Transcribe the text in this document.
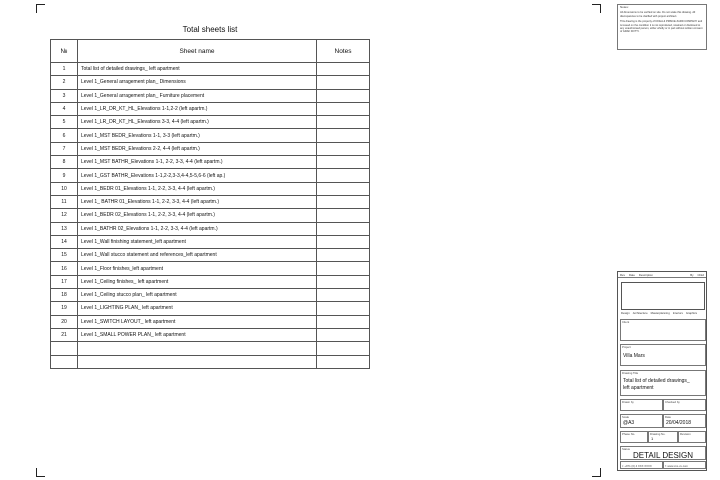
Total sheets list
№	Sheet name	Notes
1	Total list of detailed drawings_ left apartment	
2	Level 1_General arragement plan_ Dimensions	
3	Level 1_General arragement plan_ Furniture placement	
4	Level 1_LR_DR_KT_HL_Elevations 1-1,2-2 (left apartm.)	
5	Level 1_LR_DR_KT_HL_Elevations 3-3, 4-4 (left apartm.)	
6	Level 1_MST BEDR_Elevations 1-1, 3-3 (left apartm.)	
7	Level 1_MST BEDR_Elevations 2-2, 4-4 (left apartm.)	
8	Level 1_MST BATHR_Elevations 1-1, 2-2, 3-3, 4-4 (left apartm.)	
9	Level 1_GST BATHR_Elevations 1-1,2-2,3-3,4-4,5-5,6-6 (left ap.)	
10	Level 1_BEDR 01_Elevations 1-1, 2-2, 3-3, 4-4 (left apartm.)	
11	Level 1_ BATHR 01_Elevations 1-1, 2-2, 3-3, 4-4 (left apartm.)	
12	Level 1_BEDR 02_Elevations 1-1, 2-2, 3-3, 4-4 (left apartm.)	
13	Level 1_BATHR 02_Elevations 1-1, 2-2, 3-3, 4-4 (left apartm.)	
14	Level 1_Wall finishing statement_left apartment	
15	Level 1_Wall stucco statement and references_left apartment	
16	Level 1_Floor finishes_left apartment	
17	Level 1_Ceiling finishes_ left apartment	
18	Level 1_Ceiling stucco plan_ left apartment	
19	Level 1_LIGHTING PLAN_ left apartment	
20	Level 1_SWITCH LAYOUT_ left apartment	
21	Level 1_SMALL POWER PLAN_ left apartment	

Notes:

All dimensions to be verified on site. Do not scale this drawing. All discrepancies to be clarified with project architect.

This drawing is the property of DOHA & PRINCE ZARD COMPANY and is issued on the condition it is not reproduced, retained or disclosed to any unauthorised person, either wholly or in part without written consent of GRAF DOTTI.

Rev Date Description	By Chkd
Design Architecture Masterplanning Interiors Graphics
Client
Project
Villa Mars
Drawing Title
Total list of detailed drawings_
left apartment
Drawn by	Checked by
Scale
@A3
Date
20/04/2018
Phase No.	Drawing No.
1
Revision
Status
DETAIL DESIGN
t: +971 (0) 4 XXX XXXX	f: www.xxx-xx.com
